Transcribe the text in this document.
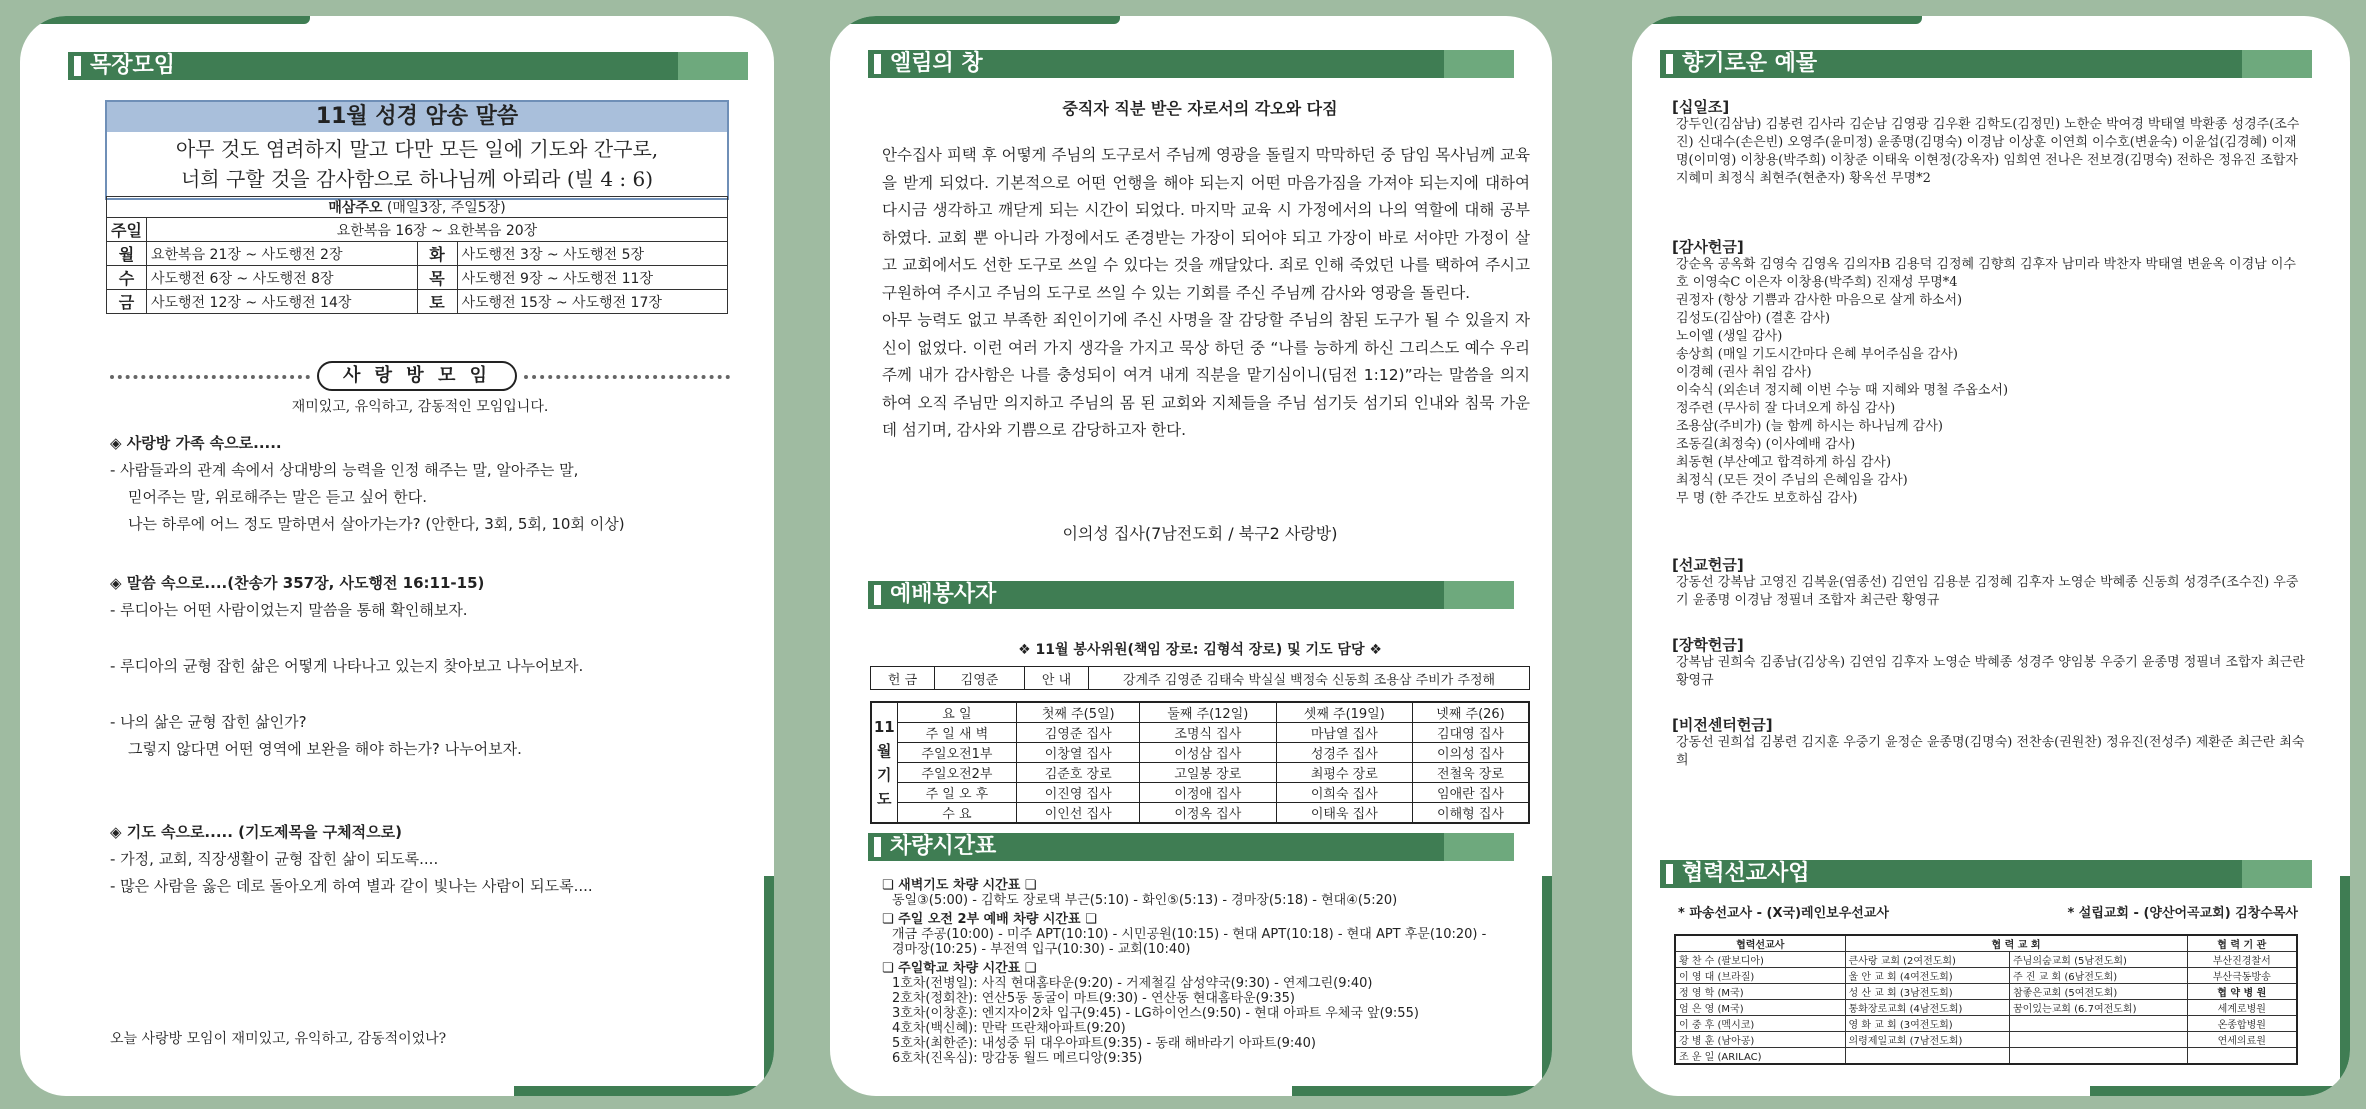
목장모임
11월 성경 암송 말씀
아무 것도 염려하지 말고 다만 모든 일에 기도와 간구로,
너희 구할 것을 감사함으로 하나님께 아뢰라 (빌 4 : 6)
매삼주오 (매일3장, 주일5장)			
주일	요한복음 16장 ~ 요한복음 20장		
월	요한복음 21장 ~ 사도행전 2장	화	사도행전 3장 ~ 사도행전 5장
수	사도행전 6장 ~ 사도행전 8장	목	사도행전 9장 ~ 사도행전 11장
금	사도행전 12장 ~ 사도행전 14장	토	사도행전 15장 ~ 사도행전 17장
사 랑 방 모 임
재미있고, 유익하고, 감동적인 모임입니다.
◈ 사랑방 가족 속으로.....
- 사람들과의 관계 속에서 상대방의 능력을 인정 해주는 말, 알아주는 말,
믿어주는 말, 위로해주는 말은 듣고 싶어 한다.
나는 하루에 어느 정도 말하면서 살아가는가? (안한다, 3회, 5회, 10회 이상)
◈ 말씀 속으로....(찬송가 357장, 사도행전 16:11-15)
- 루디아는 어떤 사람이었는지 말씀을 통해 확인해보자.
- 루디아의 균형 잡힌 삶은 어떻게 나타나고 있는지 찾아보고 나누어보자.
- 나의 삶은 균형 잡힌 삶인가?
그렇지 않다면 어떤 영역에 보완을 해야 하는가? 나누어보자.
◈ 기도 속으로..... (기도제목을 구체적으로)
- 가정, 교회, 직장생활이 균형 잡힌 삶이 되도록....
- 많은 사람을 옳은 데로 돌아오게 하여 별과 같이 빛나는 사람이 되도록....
오늘 사랑방 모임이 재미있고, 유익하고, 감동적이었나?
엘림의 창
중직자 직분 받은 자로서의 각오와 다짐
안수집사 피택 후 어떻게 주님의 도구로서 주님께 영광을 돌릴지 막막하던 중 담임 목사님께 교육을 받게 되었다. 기본적으로 어떤 언행을 해야 되는지 어떤 마음가짐을 가져야 되는지에 대하여 다시금 생각하고 깨닫게 되는 시간이 되었다. 마지막 교육 시 가정에서의 나의 역할에 대해 공부하였다. 교회 뿐 아니라 가정에서도 존경받는 가장이 되어야 되고 가장이 바로 서야만 가정이 살고 교회에서도 선한 도구로 쓰일 수 있다는 것을 깨달았다. 죄로 인해 죽었던 나를 택하여 주시고 구원하여 주시고 주님의 도구로 쓰일 수 있는 기회를 주신 주님께 감사와 영광을 돌린다.
아무 능력도 없고 부족한 죄인이기에 주신 사명을 잘 감당할 주님의 참된 도구가 될 수 있을지 자신이 없었다. 이런 여러 가지 생각을 가지고 묵상 하던 중 “나를 능하게 하신 그리스도 예수 우리 주께 내가 감사함은 나를 충성되이 여겨 내게 직분을 맡기심이니(딤전 1:12)”라는 말씀을 의지하여 오직 주님만 의지하고 주님의 몸 된 교회와 지체들을 주님 섬기듯 섬기되 인내와 침묵 가운데 섬기며, 감사와 기쁨으로 감당하고자 한다.
이의성 집사(7남전도회 / 북구2 사랑방)
예배봉사자
❖ 11월 봉사위원(책임 장로: 김형석 장로) 및 기도 담당 ❖
헌 금	김영준	안 내	강계주 김영준 김태숙 박실실 백정숙 신동희 조용삼 주비가 주정해
11
월
기
도	요 일	첫째 주(5일)	둘째 주(12일)	셋째 주(19일)	넷째 주(26)
	주 일 새 벽	김영준 집사	조명식 집사	마남열 집사	김대영 집사
	주일오전1부	이창열 집사	이성삼 집사	성경주 집사	이의성 집사
	주일오전2부	김준호 장로	고일봉 장로	최평수 장로	전철욱 장로
	주 일 오 후	이진영 집사	이정애 집사	이희숙 집사	임애란 집사
	수 요	이인선 집사	이정옥 집사	이태욱 집사	이해형 집사
차량시간표
❏ 새벽기도 차량 시간표 ❏
동일③(5:00) - 김학도 장로댁 부근(5:10) - 화인⑤(5:13) - 경마장(5:18) - 현대④(5:20)
❏ 주일 오전 2부 예배 차량 시간표 ❏
개금 주공(10:00) - 미주 APT(10:10) - 시민공원(10:15) - 현대 APT(10:18) - 현대 APT 후문(10:20) -
경마장(10:25) - 부전역 입구(10:30) - 교회(10:40)
❏ 주일학교 차량 시간표 ❏
1호차(전병일): 사직 현대홈타운(9:20) - 거제철길 삼성약국(9:30) - 연제그린(9:40)
2호차(정회찬): 연산5동 동굴이 마트(9:30) - 연산동 현대홈타운(9:35)
3호차(이창훈): 엔지자이2차 입구(9:45) - LG하이언스(9:50) - 현대 아파트 우체국 앞(9:55)
4호차(백신혜): 만락 뜨란채아파트(9:20)
5호차(최한준): 내성중 뒤 대우아파트(9:35) - 동래 해바라기 아파트(9:40)
6호차(진옥심): 망감동 월드 메르디앙(9:35)
향기로운 예물
[십일조]
강두인(김삼남) 김봉련 김사라 김순남 김영광 김우환 김학도(김정민) 노한순 박여경 박태열 박환종 성경주(조수진) 신대수(손은빈) 오영주(윤미정) 윤종명(김명숙) 이경남 이상훈 이연희 이수호(변윤숙) 이윤섭(김경혜) 이재명(이미영) 이창용(박주희) 이창준 이태욱 이현정(강옥자) 임희연 전나은 전보경(김명숙) 전하은 정유진 조합자 지혜미 최정식 최현주(현춘자) 황옥선 무명*2
[감사헌금]
강순옥 공옥화 김영숙 김영옥 김의자B 김용덕 김정혜 김향희 김후자 남미라 박찬자 박태열 변윤옥 이경남 이수호 이영숙C 이은자 이창용(박주희) 진재성 무명*4
권정자 (항상 기쁨과 감사한 마음으로 살게 하소서)
김성도(김삼아) (결혼 감사)
노이엘 (생일 감사)
송상희 (매일 기도시간마다 은혜 부어주심을 감사)
이경혜 (권사 취임 감사)
이숙식 (외손녀 정지혜 이번 수능 때 지혜와 명철 주옵소서)
정주련 (무사히 잘 다녀오게 하심 감사)
조용삼(주비가) (늘 함께 하시는 하나님께 감사)
조동길(최정숙) (이사예배 감사)
최동현 (부산예고 합격하게 하심 감사)
최정식 (모든 것이 주님의 은혜임을 감사)
무 명 (한 주간도 보호하심 감사)
[선교헌금]
강동선 강복남 고영진 김복윤(염종선) 김연임 김용분 김정혜 김후자 노영순 박혜종 신동희 성경주(조수진) 우중기 윤종명 이경남 정필녀 조합자 최근란 황영규
[장학헌금]
강복남 권희숙 김종남(김상옥) 김연임 김후자 노영순 박혜종 성경주 양임봉 우중기 윤종명 정필녀 조합자 최근란 황영규
[비전센터헌금]
강동선 권희섭 김봉련 김지훈 우중기 윤정순 윤종명(김명숙) 전찬송(권원찬) 정유진(전성주) 제환준 최근란 최숙희
협력선교사업
* 파송선교사 - (X국)레인보우선교사	* 설립교회 - (양산어곡교회) 김창수목사
협력선교사	협 력 교 회		협 력 기 관
황 찬 수 (팔보디아)	큰사랑 교회 (2여전도회)	주님의숨교회 (5남전도회)	부산진경찰서
이 영 대 (브라질)	울 안 교 회 (4여전도회)	주 진 교 회 (6남전도회)	부산극동방송
정 영 학 (M국)	성 산 교 회 (3남전도회)	참좋은교회 (5여전도회)	협 약 병 원
엄 은 영 (M국)	통화장로교회 (4남전도회)	꿈이있는교회 (6.7여전도회)	세계로병원
이 중 후 (멕시코)	영 화 교 회 (3여전도회)		온종합병원
강 병 훈 (남아공)	의령제일교회 (7남전도회)		연세의료원
조 운 일 (ARILAC)			
